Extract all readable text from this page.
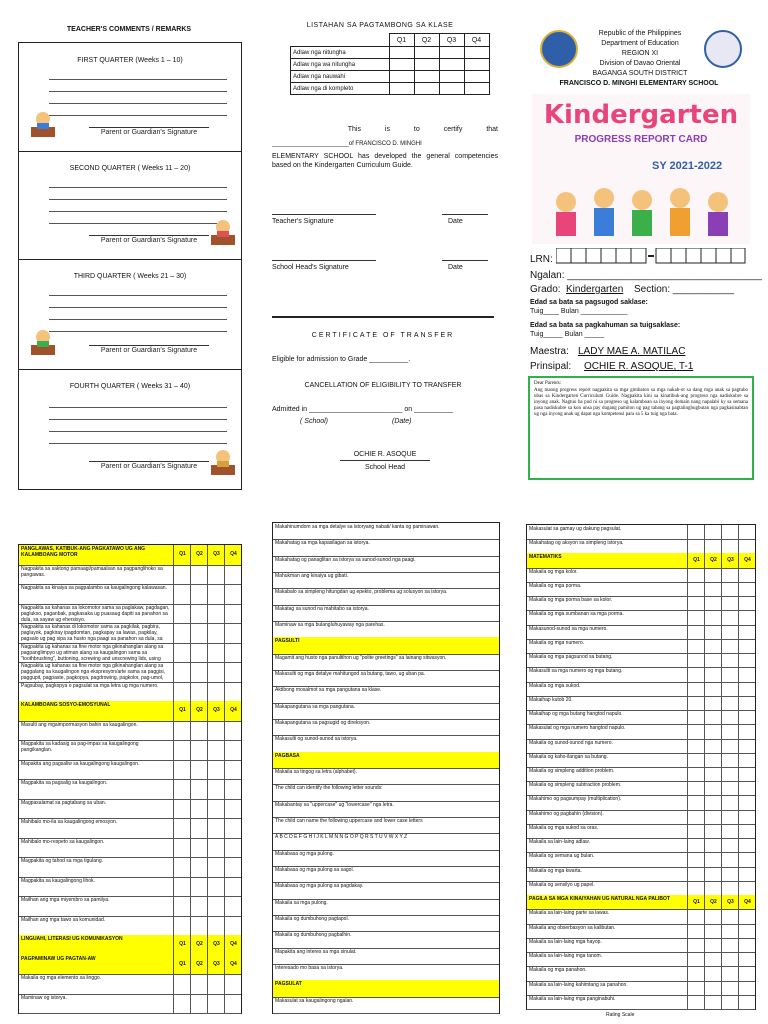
TEACHER'S COMMENTS / REMARKS
FIRST QUARTER (Weeks 1 – 10)
Parent or Guardian's Signature
SECOND QUARTER ( Weeks 11 – 20)
Parent or Guardian's Signature
THIRD QUARTER ( Weeks 21 – 30)
Parent or Guardian's Signature
FOURTH QUARTER ( Weeks 31 – 40)
Parent or Guardian's Signature
LISTAHAN SA PAGTAMBONG SA KLASE
	Q1	Q2	Q3	Q4
Adlaw nga nitungha				
Adlaw nga wa nitungha				
Adlaw nga nauwahi				
Adlaw nga di kompleto				
This is to certify that
_______________________of FRANCISCO D. MINGHI
ELEMENTARY SCHOOL has developed the general competencies based on the Kindergarten Curriculum Guide.
Teacher's Signature	Date
School Head's Signature	Date
CERTIFICATE OF TRANSFER
Eligible for admission to Grade __________.
CANCELLATION OF ELIGIBILITY TO TRANSFER
Admitted in ________________________ on __________
( School)	(Date)
OCHIE R. ASOQUE
School Head
Republic of the Philippines
Department of Education
REGION XI
Division of Davao Oriental
BAGANGA SOUTH DISTRICT
FRANCISCO D. MINGHI ELEMENTARY SCHOOL
Kindergarten
PROGRESS REPORT CARD
SY 2021-2022
LRN:
Ngalan: ___________________________________
Grado: Kindergarten Section: ___________
Edad sa bata sa pagsugod saklase:
Tuig____ Bulan ____________
Edad sa bata sa pagkahuman sa tuigsaklase:
Tuig_____ Bulan _____
Maestra: LADY MAE A. MATILAC
Prinsipal: OCHIE R. ASOQUE, T-1
Dear Parents:
Ang maong progress report nagpakita sa mga gimbaton sa mga nakab-ot sa dang mga anak sa pagtubo ubas sa Kindergarten Curriculum Guide. Nagpakita kini sa kinatibuk-ang progreso nga nadiskubre sa inyong anak. Nagtuo ba pud ni sa progreso ug kalamboan sa inyong domain nang napalabi ky sa semana pasa nadiskubre sa kon unsa pay dugang pamiton ug pag tabang sa pagtalinghugbutan nga pagkasinabtan ug nga inyong anak ug dapat nga kompetensi para sa 5 ka tuig nga bata.
PANGLAWAS, KATIBUK-ANG PAGKATAWO UG ANG KALAMBOANG MOTOR	Q1	Q2	Q3	Q4
Nagpakita sa saktong pamaagi/pamaalsan sa pagpanglihoko sa pangawas.
Nagpakita sa kinaiya sa pagpalambo sa kaugalingong kalawasan.
Nagpakita sa kahanas sa lokomotor sama sa paglakaw, pagdagan, paglukso, paganbak, pagkasaka ug puasaug dapiti sa panahon sa dula, sa sayaw ug ehersisyo.
Nagpakita sa kahanas di lokomotor sama sa pagkilak, pagbira, pagluyok, pagkiray ipagdomtan, pagkapay sa lawas, pagkilay, pagsalo ug pag sipa sa husto nga paagi sa panahon sa dula, sa
Nagpakita ug kahanas sa fine motor nga gikinahanglan alang sa pagpanglimpyo ug atiman alang sa kaugalingon sama sa "toothbrushing", buttoning, screwing and unscrewing lids, using
Nagpakita ug kahanas sa fine motor nga gikinahanglan alang sa paggalang sa kaugalingon nga ekspresyon/arte sama sa paggisi, paggupit, pagpaste, pagkopya, pagdrowing, pagkolor, pag-umol,
Pagsubay, pagkopya o pagsulat sa mga letra ug mga numero.
KALAMBOANG SOSYO-EMOSYUNAL
Q1	Q2	Q3	Q4
Masulti ang mgaimpormasyon bahin sa kaugalingon.
Magpakita sa kadasig sa pag-impas sa kaugalingong pangikanglan.
Mapakita ang pagsaliw sa kaugalingong kaugalingon.
Magpakita sa pagsalig sa kaugalingon.
Magpasalamat sa pagtabang sa uban.
Mahibalo mo-ila sa kaugalingong emosyon.
Mahibalo mo-respeto sa kaugalingon.
Magpakita og tahod sa mga tigulang.
Magpakita sa kaugalingong lihok.
Mailhan ang mga miyembro sa pamilya.
Mailhan ang mga tawo sa komunidad.
LINGUAHI, LITERASI UG KOMUNIKASYON
Q1	Q2	Q3	Q4
PAGPAMINAW UG PAGTAN-AW
Q1	Q2	Q3	Q4
Makaila og mga elemento sa linggo.
Maminaw og istorya.
Makahinumdom sa mga detalye sa istoryang nabati/ kanta og paminawan.
Makahatag sa mga kapasilagan sa istorya.
Makahatag og panaglitan sa istorya sa sunod-sunod nga paagi.
Mahukman ang kinaiya ug gibati.
Makabalo sa simpleng hitungdan ug epekto, problema ug solusyon sa istorya.
Makatag sa sunod na mahitabo sa istorya.
Maminaw sa mga bulangluhuyaway nga parehas.
PAGSULTI
Magamit ang husto nga panultihon ug "polite greetings" sa lainang sitwasyon.
Makasulti og mga detalye mahitungod sa butang, tawo, ug uban pa.
Aktibong mosalmot sa mga pangutana sa klase.
Makapangutana sa mga pangutana.
Makapangutana sa pagsugid og direksyon.
Makasulti og sunod-sunod sa istorya.
PAGBASA
Makaila sa tingog sa letra (alphabet).
The child can identify the following letter sounds:
Makabantay sa "uppercase" ug "lowercase" nga letra.
The child can name the following uppercase and lower case letters
A B C D E F G H I J K L M N N G O P Q R S T U V W X Y Z
Makabasa og mga pulong.
Makabasa og mga pulong sa sagol.
Makabasa og mga pulong sa pagdakay.
Makaila sa mga pulong.
Makaila og dumbuhong pagtapol.
Makaila og dumbuhong pagbalhin.
Mapakita ang interes sa mga sinulat.
Interesado mo basa sa istorya.
PAGSULAT
Makasulat sa kaugalingong ngalan.
Makasulat sa gamay ug dakung pagsulat.
Makahatag og aksyon sa simpleng istorya.
MATEMATIKS	Q1	Q2	Q3	Q4
Makaila og mga kolor.
Makaila og mga porma.
Makaila og mga porma base sa kolor.
Makaila og mga sumbanan sa mga porma.
Makasunod-sunod sa mga numero.
Makaila og mga numero.
Makaila og mga pagsunod sa butang.
Makasulti sa mga numero og mga butang.
Makaila og mga sukod.
Makaihap kutob 20.
Makaihap og mga butang hangtod napulo.
Makasulat og mga numero hangtod napulo.
Makaila og sunod-sunod nga numero.
Makaila og kaho-ilangan sa butang.
Makaila og simpleng addition problem.
Makaila og simpleng subtraction problem.
Makahimo og pagsumpay (multiplication).
Makahimo og pagbahin (division).
Makaila og mga sukod sa oras.
Makaila sa lain-laing adlaw.
Makaila og semana ug bulan.
Makaila og mga kwarta.
Makaila og sensilyo ug papel.
PAGILA SA MGA KINAIYAHAN UG NATURAL NGA PALIBOT	Q1	Q2	Q3	Q4
Makaila sa lain-laing parte sa lawas.
Makaila ang obserbasyon sa kalibutan.
Makaila sa lain-laing mga hayop.
Makaila sa lain-laing mga tanom.
Makaila og mga panahon.
Makaila sa lain-laing kahimtang sa panahon.
Makaila sa lain-laing mga panginabuhi.
Rating Scale
